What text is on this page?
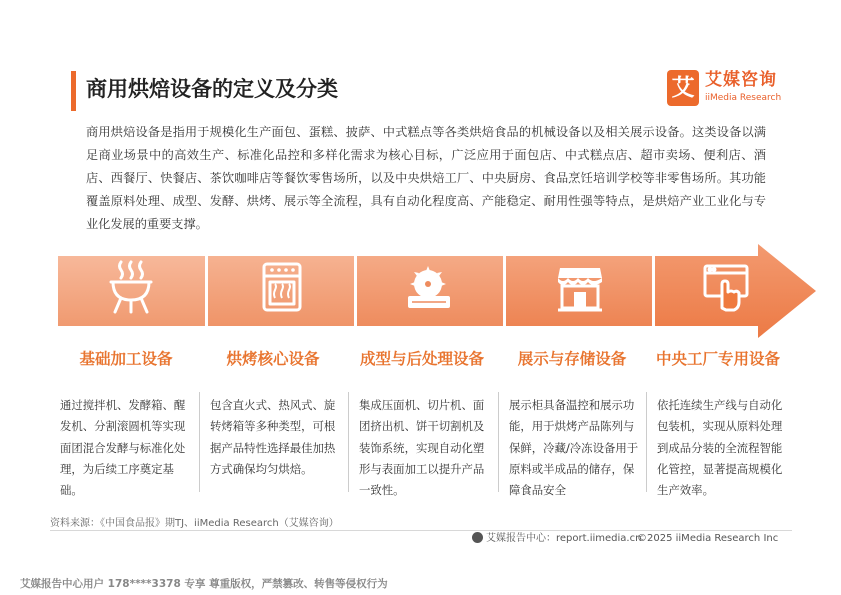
商用烘焙设备的定义及分类	艾 艾媒咨询
iiMedia Research
商用烘焙设备是指用于规模化生产面包、蛋糕、披萨、中式糕点等各类烘焙食品的机械设备以及相关展示设备。这类设备以满足商业场景中的高效生产、标准化品控和多样化需求为核心目标，广泛应用于面包店、中式糕点店、超市卖场、便利店、酒店、西餐厅、快餐店、茶饮咖啡店等餐饮零售场所，以及中央烘焙工厂、中央厨房、食品烹饪培训学校等非零售场所。其功能覆盖原料处理、成型、发酵、烘烤、展示等全流程，具有自动化程度高、产能稳定、耐用性强等特点，是烘焙产业工业化与专业化发展的重要支撑。
基础加工设备	烘烤核心设备	成型与后处理设备	展示与存储设备	中央工厂专用设备
通过搅拌机、发酵箱、醒发机、分割滚圆机等实现面团混合发酵与标准化处理，为后续工序奠定基础。
包含直火式、热风式、旋转烤箱等多种类型，可根据产品特性选择最佳加热方式确保均匀烘焙。
集成压面机、切片机、面团挤出机、饼干切割机及装饰系统，实现自动化塑形与表面加工以提升产品一致性。
展示柜具备温控和展示功能，用于烘烤产品陈列与保鲜，冷藏/冷冻设备用于原料或半成品的储存，保障食品安全
依托连续生产线与自动化包装机，实现从原料处理到成品分装的全流程智能化管控，显著提高规模化生产效率。
资料来源：《中国食品报》期TJ、iiMedia Research（艾媒咨询）
艾媒报告中心：report.iimedia.cn
©2025 iiMedia Research Inc
艾媒报告中心用户 178****3378 专享 尊重版权，严禁篡改、转售等侵权行为
